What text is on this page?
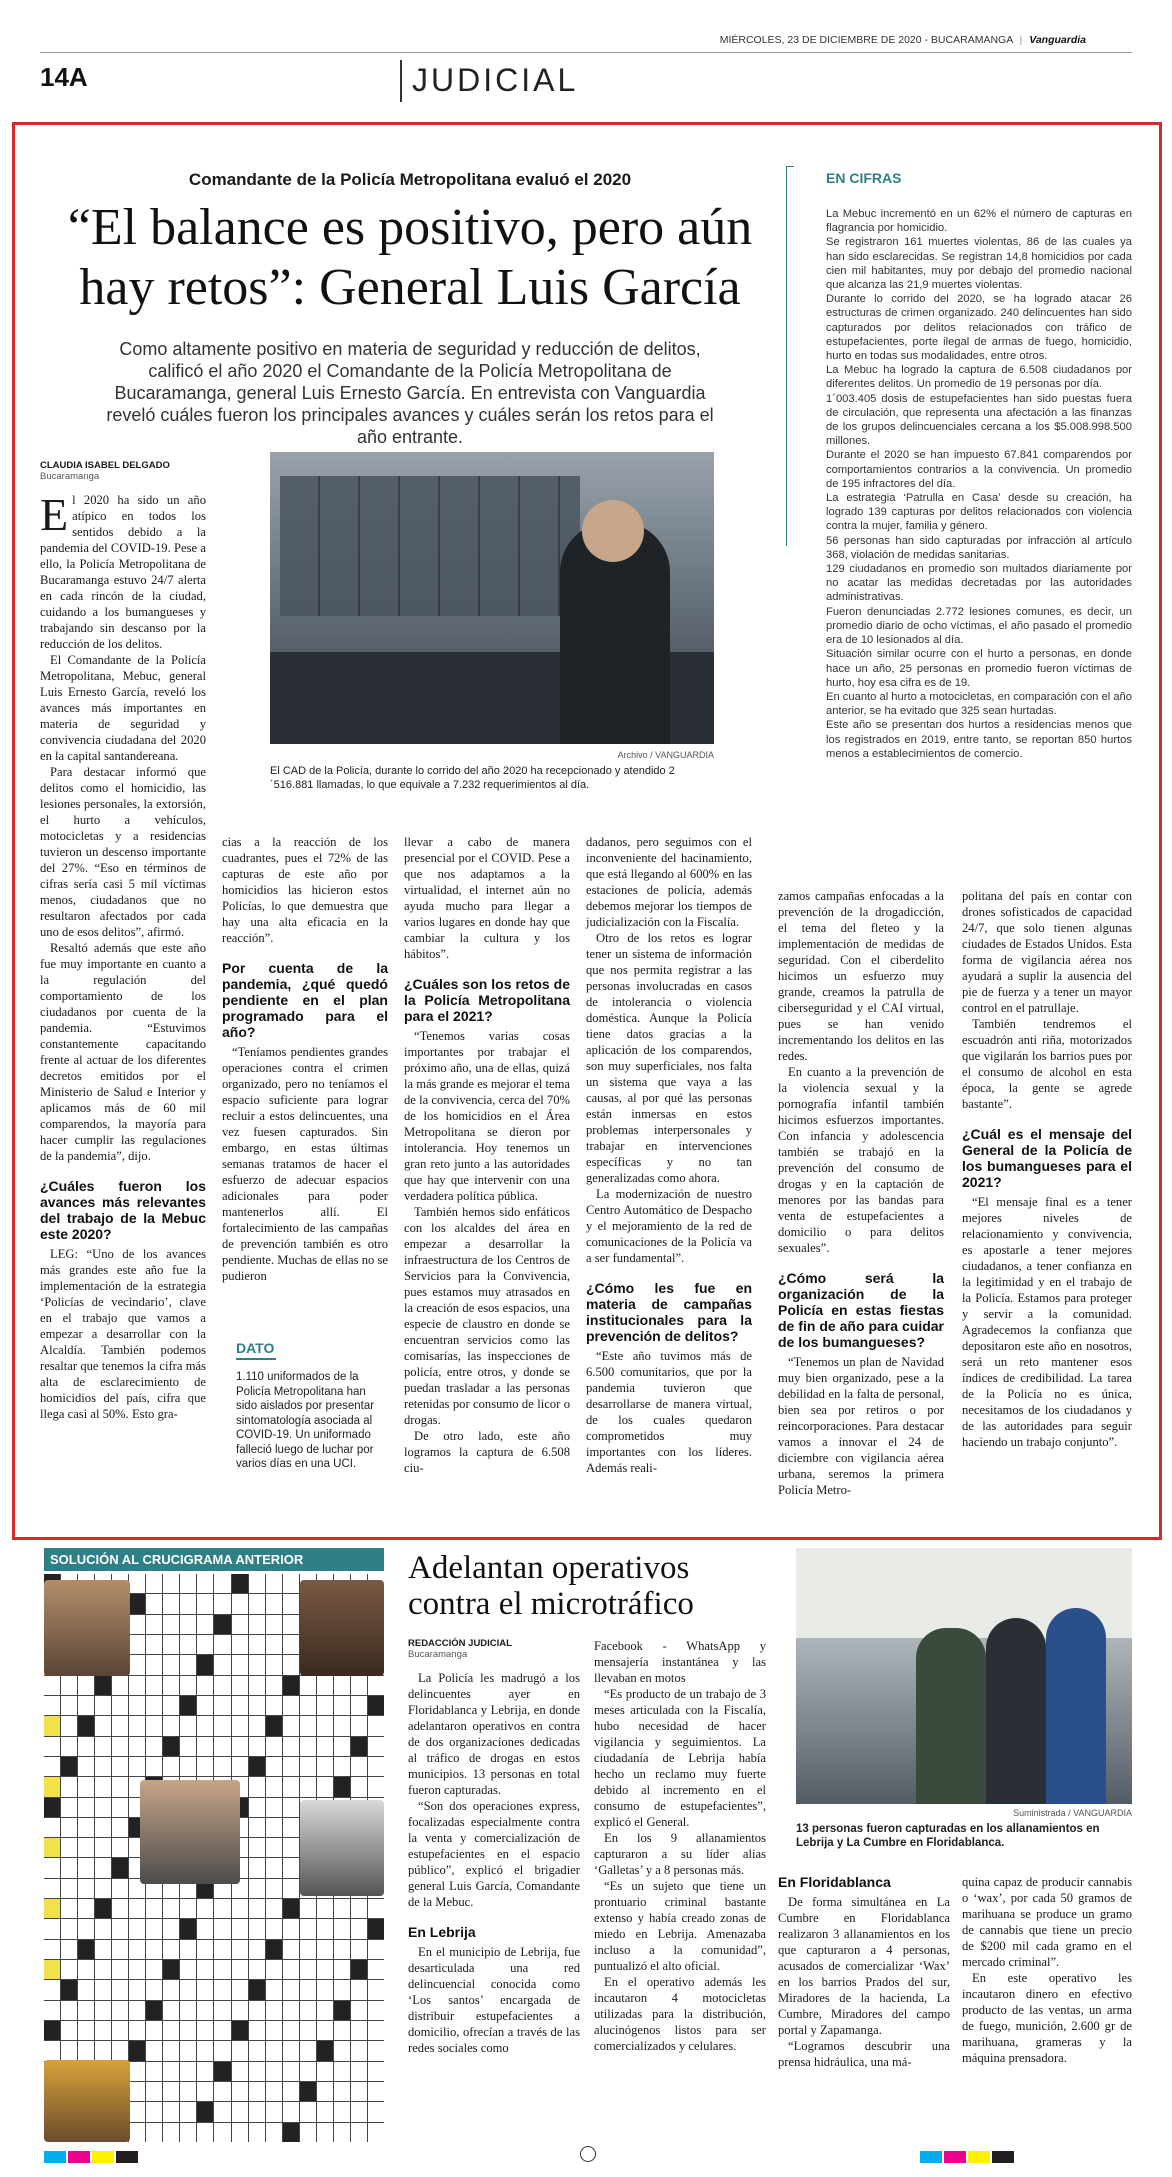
MIÉRCOLES, 23 DE DICIEMBRE DE 2020 - BUCARAMANGA | Vanguardia
14A	JUDICIAL
Comandante de la Policía Metropolitana evaluó el 2020
“El balance es positivo, pero aún hay retos”: General Luis García
Como altamente positivo en materia de seguridad y reducción de delitos, calificó el año 2020 el Comandante de la Policía Metropolitana de Bucaramanga, general Luis Ernesto García. En entrevista con Vanguardia reveló cuáles fueron los principales avances y cuáles serán los retos para el año entrante.
CLAUDIA ISABEL DELGADO
Bucaramanga
Archivo / VANGUARDIA
El CAD de la Policía, durante lo corrido del año 2020 ha recepcionado y atendido 2´516.881 llamadas, lo que equivale a 7.232 requerimientos al día.
EN CIFRAS

La Mebuc incrementó en un 62% el número de capturas en flagrancia por homicidio.

Se registraron 161 muertes violentas, 86 de las cuales ya han sido esclarecidas. Se registran 14,8 homicidios por cada cien mil habitantes, muy por debajo del promedio nacional que alcanza las 21,9 muertes violentas.

Durante lo corrido del 2020, se ha logrado atacar 26 estructuras de crimen organizado. 240 delincuentes han sido capturados por delitos relacionados con tráfico de estupefacientes, porte ilegal de armas de fuego, homicidio, hurto en todas sus modalidades, entre otros.

La Mebuc ha logrado la captura de 6.508 ciudadanos por diferentes delitos. Un promedio de 19 personas por día.

1´003.405 dosis de estupefacientes han sido puestas fuera de circulación, que representa una afectación a las finanzas de los grupos delincuenciales cercana a los $5.008.998.500 millones.

Durante el 2020 se han impuesto 67.841 comparendos por comportamientos contrarios a la convivencia. Un promedio de 195 infractores del día.

La estrategia ‘Patrulla en Casa’ desde su creación, ha logrado 139 capturas por delitos relacionados con violencia contra la mujer, familia y género.

56 personas han sido capturadas por infracción al artículo 368, violación de medidas sanitarias.

129 ciudadanos en promedio son multados diariamente por no acatar las medidas decretadas por las autoridades administrativas.

Fueron denunciadas 2.772 lesiones comunes, es decir, un promedio diario de ocho víctimas, el año pasado el promedio era de 10 lesionados al día.

Situación similar ocurre con el hurto a personas, en donde hace un año, 25 personas en promedio fueron víctimas de hurto, hoy esa cifra es de 19.

En cuanto al hurto a motocicletas, en comparación con el año anterior, se ha evitado que 325 sean hurtadas.

Este año se presentan dos hurtos a residencias menos que los registrados en 2019, entre tanto, se reportan 850 hurtos menos a establecimientos de comercio.

El 2020 ha sido un año atípico en todos los sentidos debido a la pandemia del COVID-19. Pese a ello, la Policía Metropolitana de Bucaramanga estuvo 24/7 alerta en cada rincón de la ciudad, cuidando a los bumangueses y trabajando sin descanso por la reducción de los delitos.

El Comandante de la Policía Metropolitana, Mebuc, general Luis Ernesto García, reveló los avances más importantes en materia de seguridad y convivencia ciudadana del 2020 en la capital santandereana.

Para destacar informó que delitos como el homicidio, las lesiones personales, la extorsión, el hurto a vehículos, motocicletas y a residencias tuvieron un descenso importante del 27%. “Eso en términos de cifras sería casi 5 mil víctimas menos, ciudadanos que no resultaron afectados por cada uno de esos delitos”, afirmó.

Resaltó además que este año fue muy importante en cuanto a la regulación del comportamiento de los ciudadanos por cuenta de la pandemia. “Estuvimos constantemente capacitando frente al actuar de los diferentes decretos emitidos por el Ministerio de Salud e Interior y aplicamos más de 60 mil comparendos, la mayoría para hacer cumplir las regulaciones de la pandemia”, dijo.

¿Cuáles fueron los avances más relevantes del trabajo de la Mebuc este 2020?

LEG: “Uno de los avances más grandes este año fue la implementación de la estrategia ‘Policías de vecindario’, clave en el trabajo que vamos a empezar a desarrollar con la Alcaldía. También podemos resaltar que tenemos la cifra más alta de esclarecimiento de homicidios del país, cifra que llega casi al 50%. Esto gra-

cias a la reacción de los cuadrantes, pues el 72% de las capturas de este año por homicidios las hicieron estos Policías, lo que demuestra que hay una alta eficacia en la reacción”.

Por cuenta de la pandemia, ¿qué quedó pendiente en el plan programado para el año?

“Teníamos pendientes grandes operaciones contra el crimen organizado, pero no teníamos el espacio suficiente para lograr recluir a estos delincuentes, una vez fuesen capturados. Sin embargo, en estas últimas semanas tratamos de hacer el esfuerzo de adecuar espacios adicionales para poder mantenerlos allí. El fortalecimiento de las campañas de prevención también es otro pendiente. Muchas de ellas no se pudieron

DATO
1.110 uniformados de la Policía Metropolitana han sido aislados por presentar sintomatología asociada al COVID-19. Un uniformado falleció luego de luchar por varios días en una UCI.

llevar a cabo de manera presencial por el COVID. Pese a que nos adaptamos a la virtualidad, el internet aún no ayuda mucho para llegar a varios lugares en donde hay que cambiar la cultura y los hábitos”.

¿Cuáles son los retos de la Policía Metropolitana para el 2021?

“Tenemos varias cosas importantes por trabajar el próximo año, una de ellas, quizá la más grande es mejorar el tema de la convivencia, cerca del 70% de los homicidios en el Área Metropolitana se dieron por intolerancia. Hoy tenemos un gran reto junto a las autoridades que hay que intervenir con una verdadera política pública.

También hemos sido enfáticos con los alcaldes del área en empezar a desarrollar la infraestructura de los Centros de Servicios para la Convivencia, pues estamos muy atrasados en la creación de esos espacios, una especie de claustro en donde se encuentran servicios como las comisarías, las inspecciones de policía, entre otros, y donde se puedan trasladar a las personas retenidas por consumo de licor o drogas.

De otro lado, este año logramos la captura de 6.508 ciu-

dadanos, pero seguimos con el inconveniente del hacinamiento, que está llegando al 600% en las estaciones de policía, además debemos mejorar los tiempos de judicialización con la Fiscalía.

Otro de los retos es lograr tener un sistema de información que nos permita registrar a las personas involucradas en casos de intolerancia o violencia doméstica. Aunque la Policía tiene datos gracias a la aplicación de los comparendos, son muy superficiales, nos falta un sistema que vaya a las causas, al por qué las personas están inmersas en estos problemas interpersonales y trabajar en intervenciones específicas y no tan generalizadas como ahora.

La modernización de nuestro Centro Automático de Despacho y el mejoramiento de la red de comunicaciones de la Policía va a ser fundamental”.

¿Cómo les fue en materia de campañas institucionales para la prevención de delitos?

“Este año tuvimos más de 6.500 comunitarios, que por la pandemia tuvieron que desarrollarse de manera virtual, de los cuales quedaron comprometidos muy importantes con los líderes. Además reali-

zamos campañas enfocadas a la prevención de la drogadicción, el tema del fleteo y la implementación de medidas de seguridad. Con el ciberdelito hicimos un esfuerzo muy grande, creamos la patrulla de ciberseguridad y el CAI virtual, pues se han venido incrementando los delitos en las redes.

En cuanto a la prevención de la violencia sexual y la pornografía infantil también hicimos esfuerzos importantes. Con infancia y adolescencia también se trabajó en la prevención del consumo de drogas y en la captación de menores por las bandas para venta de estupefacientes a domicilio o para delitos sexuales”.

¿Cómo será la organización de la Policía en estas fiestas de fin de año para cuidar de los bumangueses?

“Tenemos un plan de Navidad muy bien organizado, pese a la debilidad en la falta de personal, bien sea por retiros o por reincorporaciones. Para destacar vamos a innovar el 24 de diciembre con vigilancia aérea urbana, seremos la primera Policía Metro-

politana del país en contar con drones sofisticados de capacidad 24/7, que solo tienen algunas ciudades de Estados Unidos. Esta forma de vigilancia aérea nos ayudará a suplir la ausencia del pie de fuerza y a tener un mayor control en el patrullaje.

También tendremos el escuadrón anti riña, motorizados que vigilarán los barrios pues por el consumo de alcohol en esta época, la gente se agrede bastante”.

¿Cuál es el mensaje del General de la Policía de los bumangueses para el 2021?

“El mensaje final es a tener mejores niveles de relacionamiento y convivencia, es apostarle a tener mejores ciudadanos, a tener confianza en la legitimidad y en el trabajo de la Policía. Estamos para proteger y servir a la comunidad. Agradecemos la confianza que depositaron este año en nosotros, será un reto mantener esos índices de credibilidad. La tarea de la Policía no es única, necesitamos de los ciudadanos y de las autoridades para seguir haciendo un trabajo conjunto”.

SOLUCIÓN AL CRUCIGRAMA ANTERIOR	Adelantan operativos contra el microtráfico
REDACCIÓN JUDICIAL
Bucaramanga

La Policía les madrugó a los delincuentes ayer en Floridablanca y Lebrija, en donde adelantaron operativos en contra de dos organizaciones dedicadas al tráfico de drogas en estos municipios. 13 personas en total fueron capturadas.

“Son dos operaciones express, focalizadas especialmente contra la venta y comercialización de estupefacientes en el espacio público”, explicó el brigadier general Luis García, Comandante de la Mebuc.

En Lebrija

En el municipio de Lebrija, fue desarticulada una red delincuencial conocida como ‘Los santos’ encargada de distribuir estupefacientes a domicilio, ofrecían a través de las redes sociales como

Facebook - WhatsApp y mensajería instantánea y las llevaban en motos

“Es producto de un trabajo de 3 meses articulada con la Fiscalía, hubo necesidad de hacer vigilancia y seguimientos. La ciudadanía de Lebrija había hecho un reclamo muy fuerte debido al incremento en el consumo de estupefacientes”, explicó el General.

En los 9 allanamientos capturaron a su líder alias ‘Galletas’ y a 8 personas más.

“Es un sujeto que tiene un prontuario criminal bastante extenso y había creado zonas de miedo en Lebrija. Amenazaba incluso a la comunidad”, puntualizó el alto oficial.

En el operativo además les incautaron 4 motocicletas utilizadas para la distribución, alucinógenos listos para ser comercializados y celulares.

Suministrada / VANGUARDIA
13 personas fueron capturadas en los allanamientos en Lebrija y La Cumbre en Floridablanca.
En Floridablanca

De forma simultánea en La Cumbre en Floridablanca realizaron 3 allanamientos en los que capturaron a 4 personas, acusados de comercializar ‘Wax’ en los barrios Prados del sur, Miradores de la hacienda, La Cumbre, Miradores del campo portal y Zapamanga.

“Logramos descubrir una prensa hidráulica, una má-

quina capaz de producir cannabis o ‘wax’, por cada 50 gramos de marihuana se produce un gramo de cannabis que tiene un precio de $200 mil cada gramo en el mercado criminal”.

En este operativo les incautaron dinero en efectivo producto de las ventas, un arma de fuego, munición, 2.600 gr de marihuana, grameras y la máquina prensadora.
